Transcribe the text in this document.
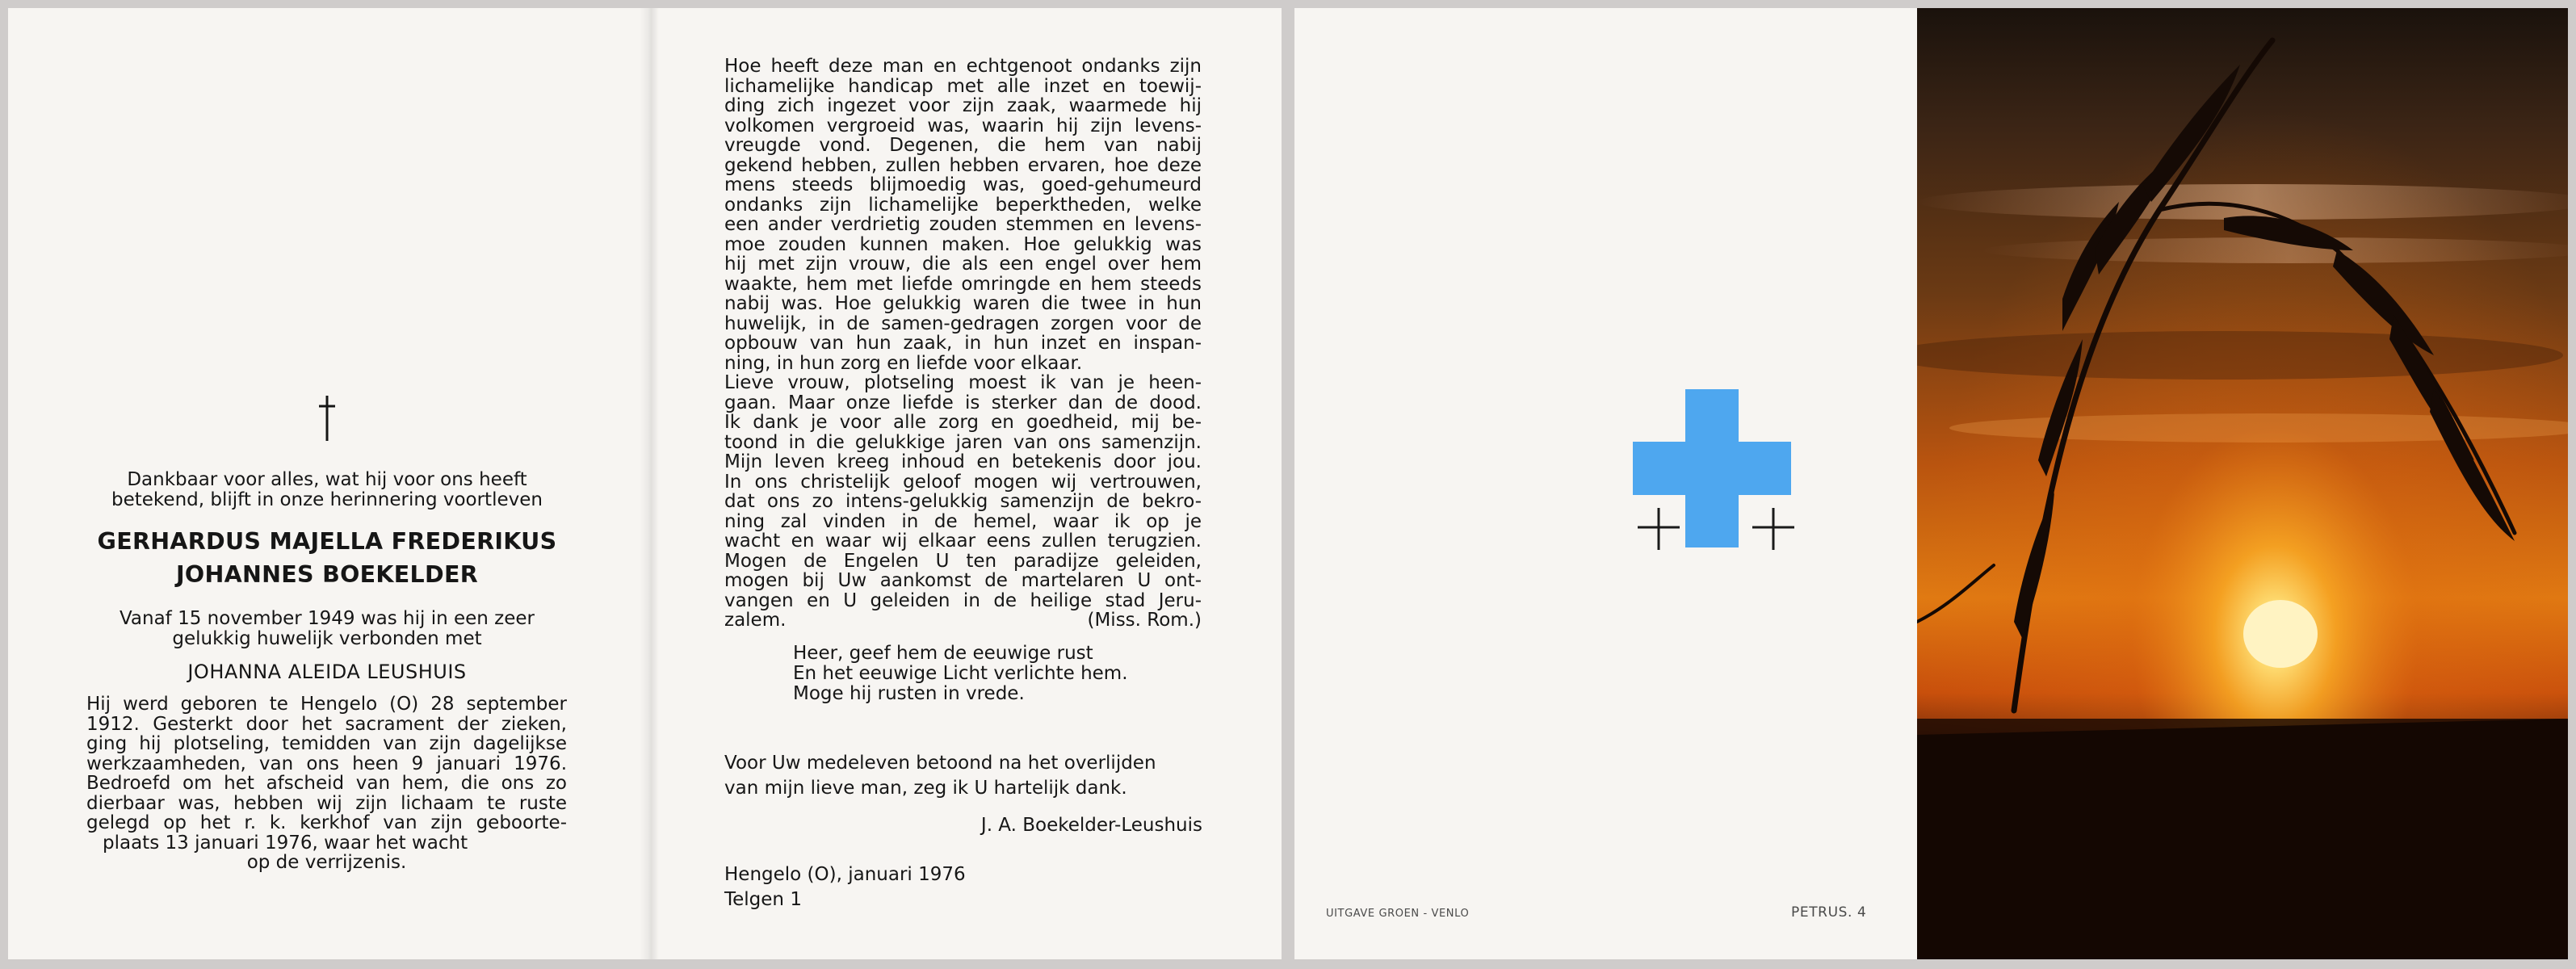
Dankbaar voor alles, wat hij voor ons heeft
betekend, blijft in onze herinnering voortleven
GERHARDUS MAJELLA FREDERIKUS
JOHANNES BOEKELDER
Vanaf 15 november 1949 was hij in een zeer
gelukkig huwelijk verbonden met
JOHANNA ALEIDA LEUSHUIS
Hij werd geboren te Hengelo (O) 28 september
1912. Gesterkt door het sacrament der zieken,
ging hij plotseling, temidden van zijn dagelijkse
werkzaamheden, van ons heen 9 januari 1976.
Bedroefd om het afscheid van hem, die ons zo
dierbaar was, hebben wij zijn lichaam te ruste
gelegd op het r. k. kerkhof van zijn geboorte-
plaats 13 januari 1976, waar het wacht
op de verrijzenis.
Hoe heeft deze man en echtgenoot ondanks zijn
lichamelijke handicap met alle inzet en toewij-
ding zich ingezet voor zijn zaak, waarmede hij
volkomen vergroeid was, waarin hij zijn levens-
vreugde vond. Degenen, die hem van nabij
gekend hebben, zullen hebben ervaren, hoe deze
mens steeds blijmoedig was, goed-gehumeurd
ondanks zijn lichamelijke beperktheden, welke
een ander verdrietig zouden stemmen en levens-
moe zouden kunnen maken. Hoe gelukkig was
hij met zijn vrouw, die als een engel over hem
waakte, hem met liefde omringde en hem steeds
nabij was. Hoe gelukkig waren die twee in hun
huwelijk, in de samen-gedragen zorgen voor de
opbouw van hun zaak, in hun inzet en inspan-
ning, in hun zorg en liefde voor elkaar.
Lieve vrouw, plotseling moest ik van je heen-
gaan. Maar onze liefde is sterker dan de dood.
Ik dank je voor alle zorg en goedheid, mij be-
toond in die gelukkige jaren van ons samenzijn.
Mijn leven kreeg inhoud en betekenis door jou.
In ons christelijk geloof mogen wij vertrouwen,
dat ons zo intens-gelukkig samenzijn de bekro-
ning zal vinden in de hemel, waar ik op je
wacht en waar wij elkaar eens zullen terugzien.
Mogen de Engelen U ten paradijze geleiden,
mogen bij Uw aankomst de martelaren U ont-
vangen en U geleiden in de heilige stad Jeru-
zalem.	(Miss. Rom.)
Heer, geef hem de eeuwige rust
En het eeuwige Licht verlichte hem.
Moge hij rusten in vrede.
Voor Uw medeleven betoond na het overlijden
van mijn lieve man, zeg ik U hartelijk dank.
J. A. Boekelder-Leushuis
Hengelo (O), januari 1976
Telgen 1
UITGAVE GROEN - VENLO	PETRUS. 4
